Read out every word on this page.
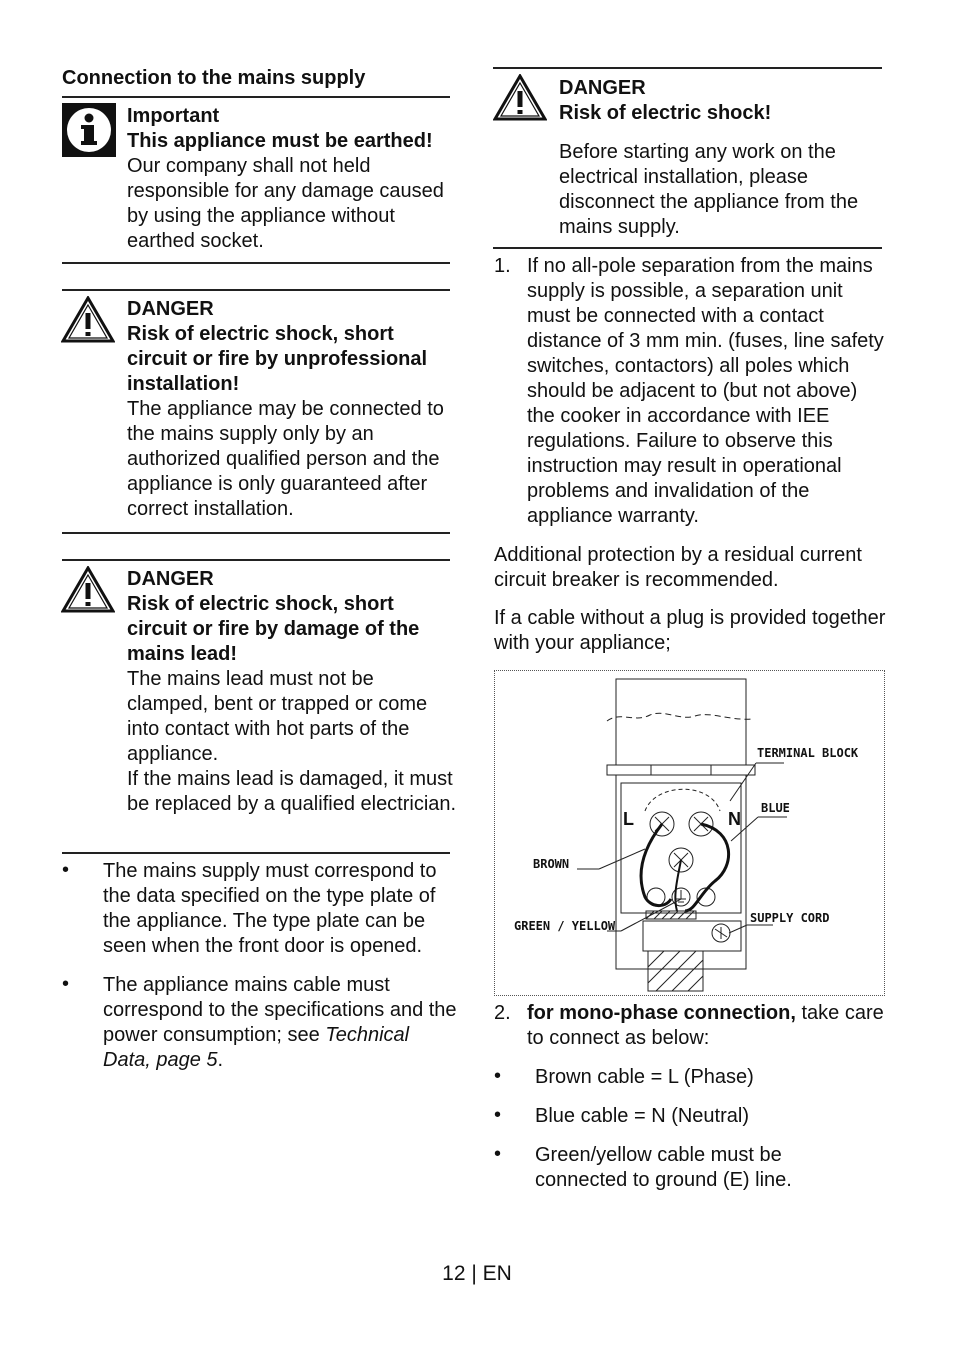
Connection to the mains supply

Important

This appliance must be earthed!

Our company shall not held responsible for any damage caused by using the appliance without earthed socket.

DANGER

Risk of electric shock, short circuit or fire by unprofessional installation!

The appliance may be connected to the mains supply only by an authorized qualified person and the appliance is only guaranteed after correct installation.

DANGER

Risk of electric shock, short circuit or fire by damage of the mains lead!

The mains lead must not be clamped, bent or trapped or come into contact with hot parts of the appliance.

If the mains lead is damaged, it must be replaced by a qualified electrician.

• The mains supply must correspond to the data specified on the type plate of the appliance. The type plate can be seen when the front door is opened.
• The appliance mains cable must correspond to the specifications and the power consumption; see Technical Data, page 5.

DANGER

Risk of electric shock!

Before starting any work on the electrical installation, please disconnect the appliance from the mains supply.

1. If no all-pole separation from the mains supply is possible, a separation unit must be connected with a contact distance of 3 mm min. (fuses, line safety switches, contactors) all poles which should be adjacent to (but not above) the cooker in accordance with IEE regulations. Failure to observe this instruction may result in operational problems and invalidation of the appliance warranty.
Additional protection by a residual current circuit breaker is recommended.
If a cable without a plug is provided together with your appliance;
L	N
TERMINAL BLOCK
BLUE
BROWN
GREEN / YELLOW
SUPPLY CORD
2. for mono-phase connection, take care to connect as below:
• Brown cable = L (Phase)
• Blue cable = N (Neutral)
• Green/yellow cable must be connected to ground (E) line.
12 | EN
